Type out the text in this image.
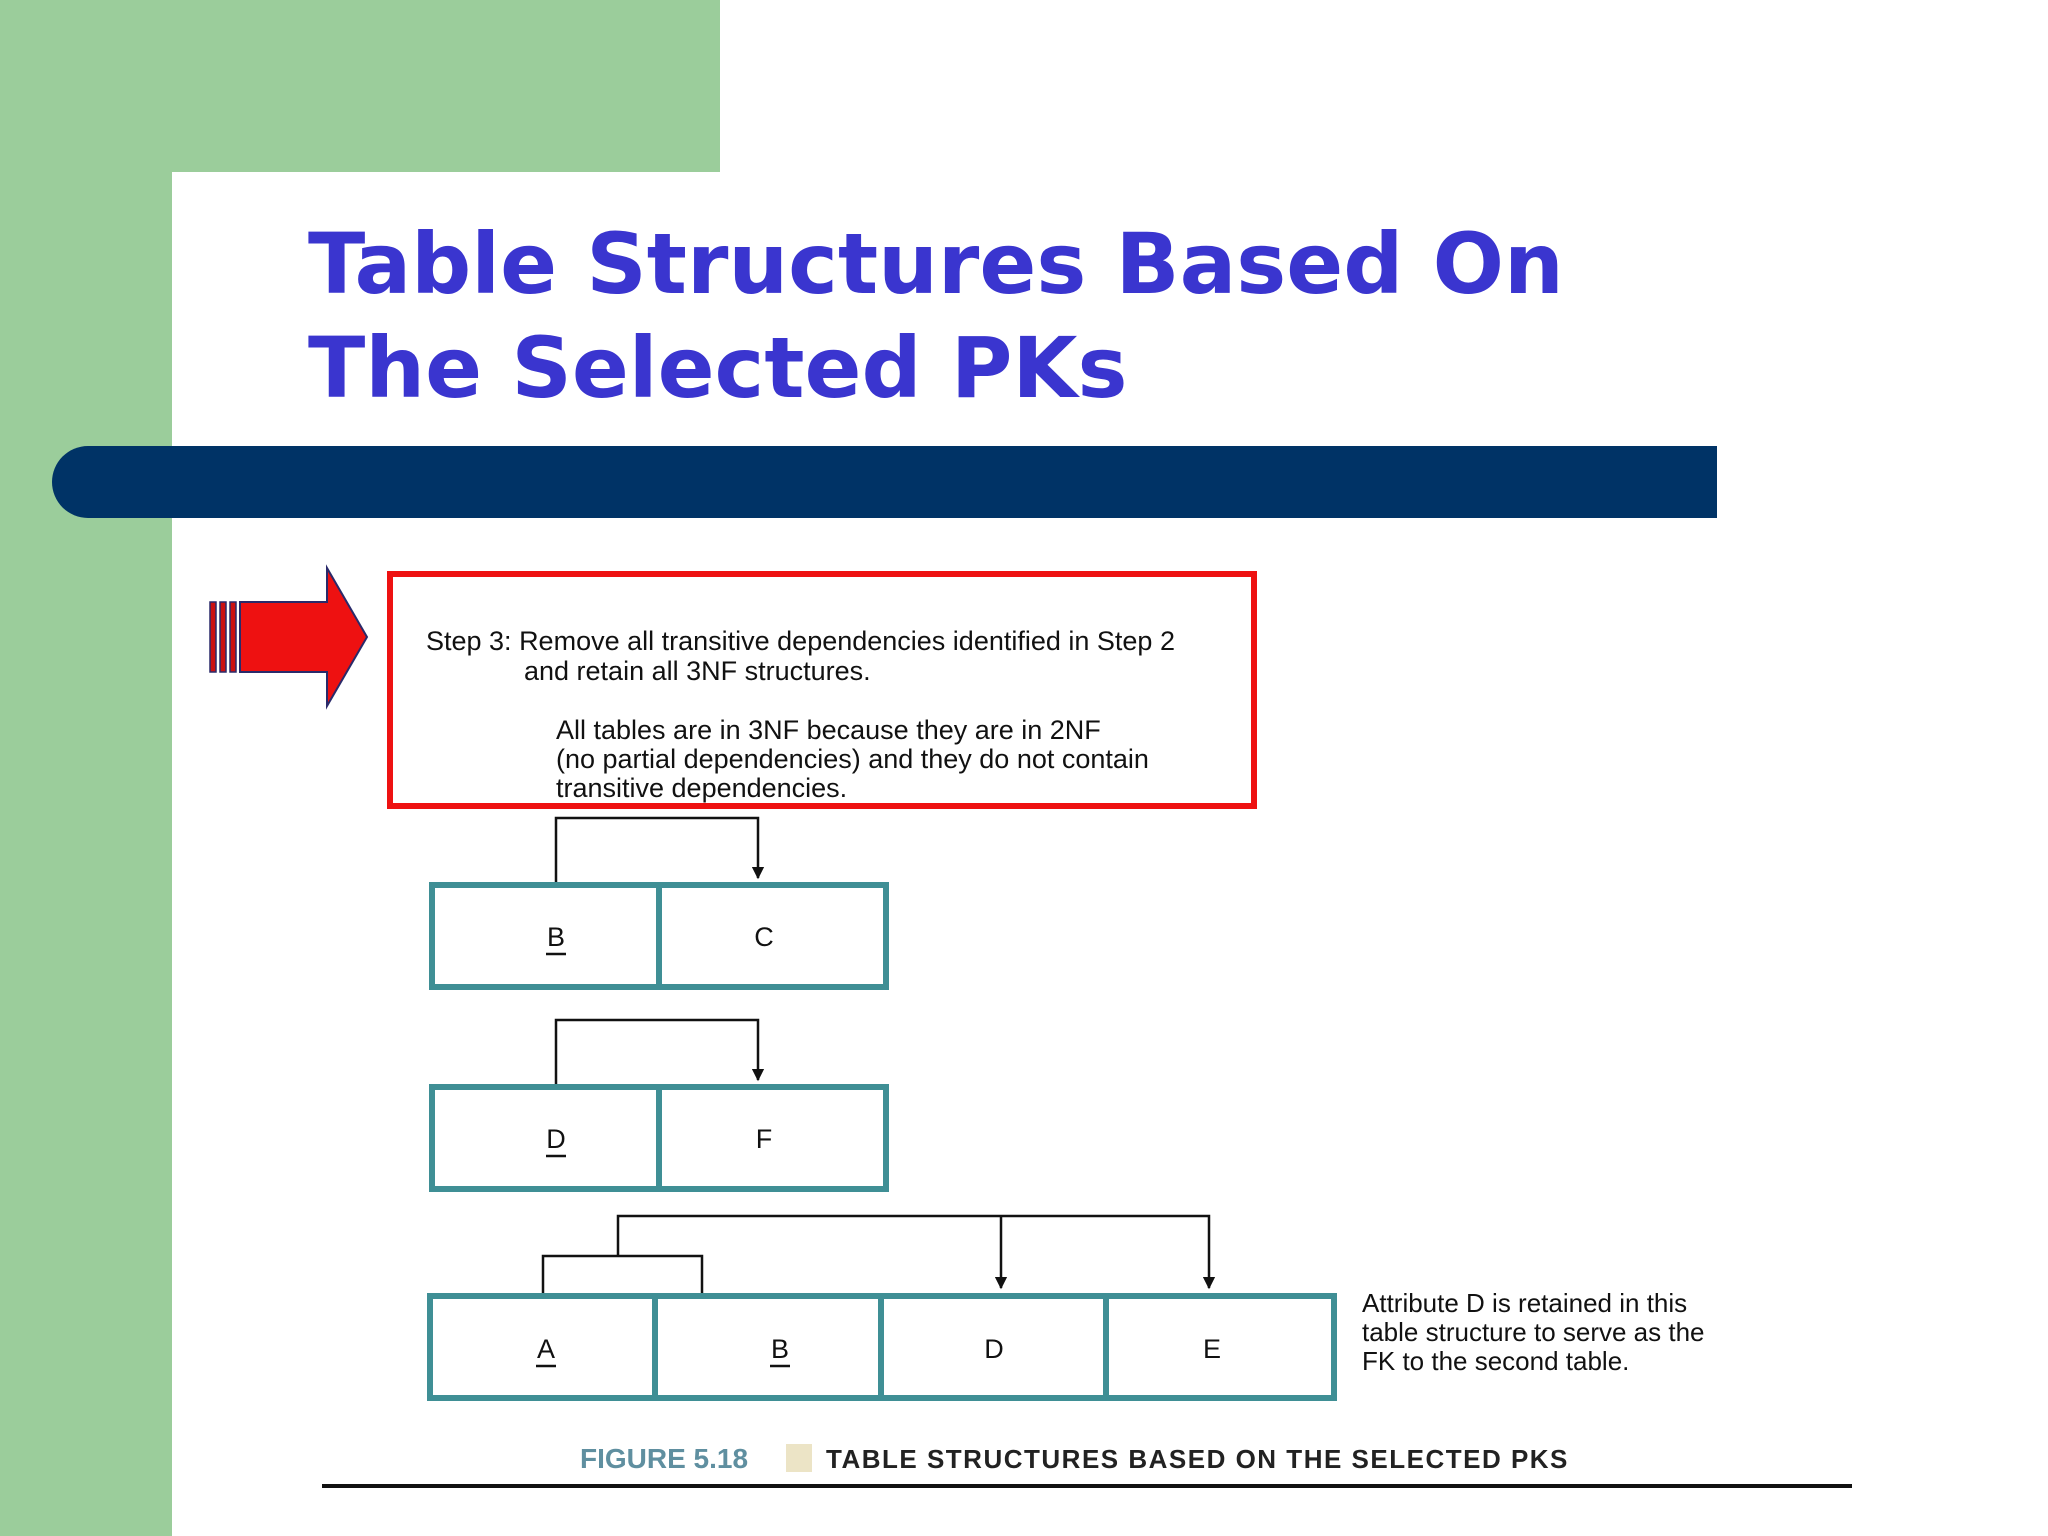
Table Structures Based On
The Selected PKs
Step 3: Remove all transitive dependencies identified in Step 2
and retain all 3NF structures.
All tables are in 3NF because they are in 2NF
(no partial dependencies) and they do not contain
transitive dependencies.
B	C
D	F
A	B	D	E
Attribute D is retained in this
table structure to serve as the
FK to the second table.
FIGURE 5.18	TABLE STRUCTURES BASED ON THE SELECTED PKS
